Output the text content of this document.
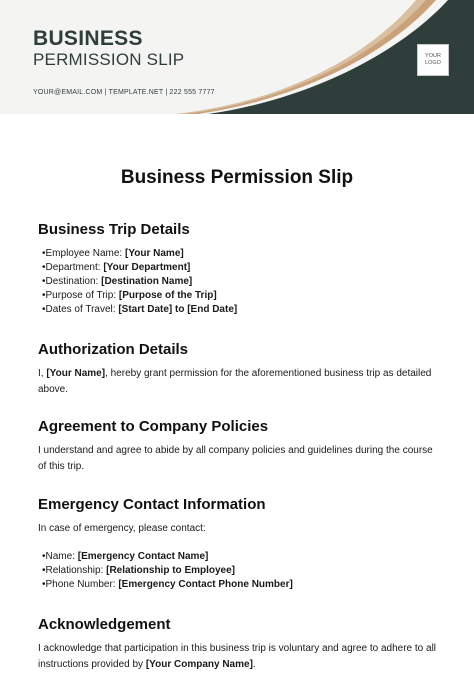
BUSINESS
PERMISSION SLIP
YOUR@EMAIL.COM | TEMPLATE.NET | 222 555 7777
YOUR
LOGO
Business Permission Slip
Business Trip Details
•Employee Name: [Your Name]
•Department: [Your Department]
•Destination: [Destination Name]
•Purpose of Trip: [Purpose of the Trip]
•Dates of Travel: [Start Date] to [End Date]
Authorization Details
I, [Your Name], hereby grant permission for the aforementioned business trip as detailed above.
Agreement to Company Policies
I understand and agree to abide by all company policies and guidelines during the course of this trip.
Emergency Contact Information
In case of emergency, please contact:
•Name: [Emergency Contact Name]
•Relationship: [Relationship to Employee]
•Phone Number: [Emergency Contact Phone Number]
Acknowledgement
I acknowledge that participation in this business trip is voluntary and agree to adhere to all instructions provided by [Your Company Name].
